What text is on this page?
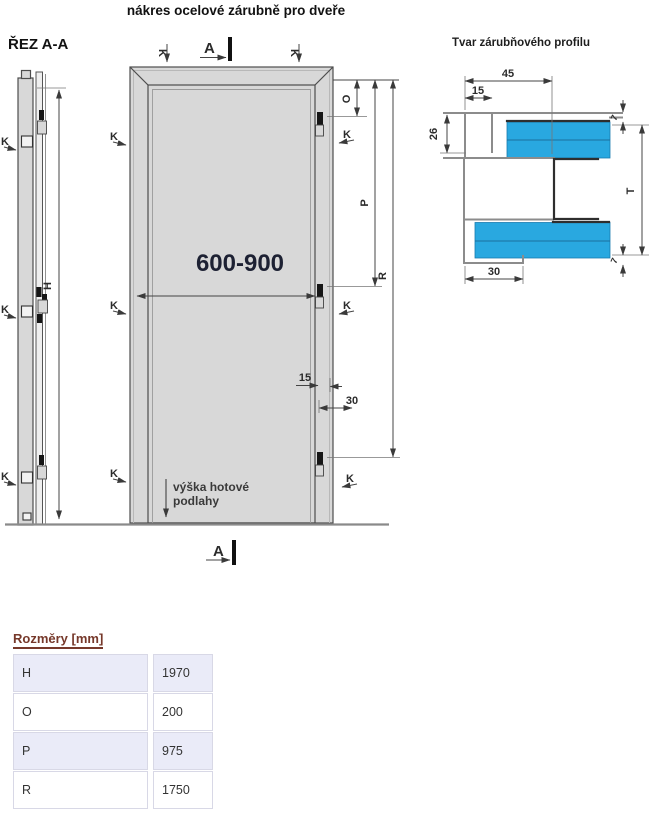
nákres ocelové zárubně pro dveře
ŘEZ A-A
H
K
K
K
K	K
A
A
K
K
K
K
K
K
O
P
R
600-900
15
30
výška hotové
podlahy
Tvar zárubňového profilu
45
15
26
30
T
7
7
Rozměry [mm]
H	1970
O	200
P	975
R	1750
